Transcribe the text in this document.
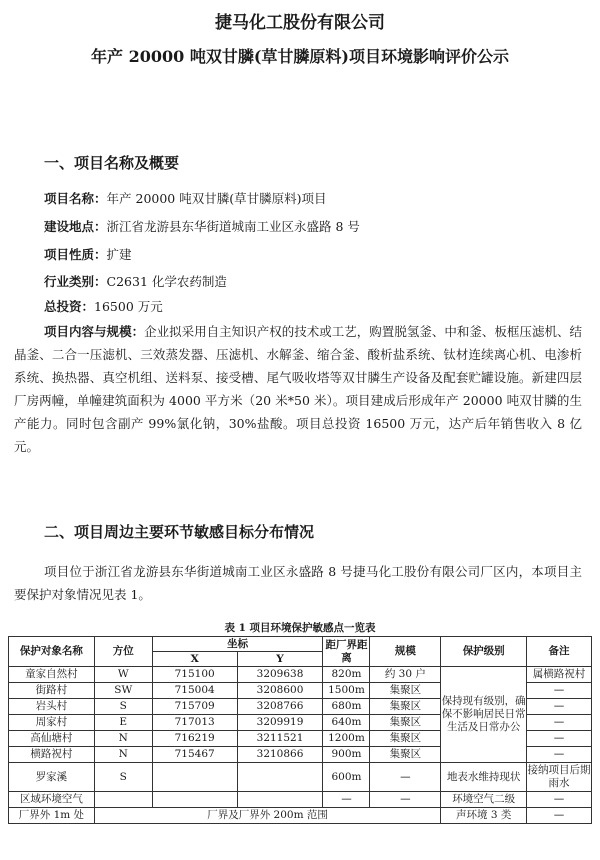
捷马化工股份有限公司
年产 20000 吨双甘膦(草甘膦原料)项目环境影响评价公示
一、项目名称及概要
项目名称：年产 20000 吨双甘膦(草甘膦原料)项目
建设地点：浙江省龙游县东华街道城南工业区永盛路 8 号
项目性质：扩建
行业类别：C2631 化学农药制造
总投资：16500 万元
项目内容与规模：企业拟采用自主知识产权的技术或工艺，购置脱氢釜、中和釜、板框压滤机、结晶釜、二合一压滤机、三效蒸发器、压滤机、水解釜、缩合釜、酸析盐系统、钛材连续离心机、电渗析系统、换热器、真空机组、送料泵、接受槽、尾气吸收塔等双甘膦生产设备及配套贮罐设施。新建四层厂房两幢，单幢建筑面积为 4000 平方米（20 米*50 米）。项目建成后形成年产 20000 吨双甘膦的生产能力。同时包含副产 99%氯化钠，30%盐酸。项目总投资 16500 万元，达产后年销售收入 8 亿元。
二、项目周边主要环节敏感目标分布情况
项目位于浙江省龙游县东华街道城南工业区永盛路 8 号捷马化工股份有限公司厂区内，本项目主要保护对象情况见表 1。
表 1 项目环境保护敏感点一览表
保护对象名称	方位	坐标		距厂界距离	规模	保护级别	备注
		X	Y				
童家自然村	W	715100	3209638	820m	约 30 户	保持现有级别，确保不影响居民日常生活及日常办公	属横路祝村
街路村	SW	715004	3208600	1500m	集聚区		—
岩头村	S	715709	3208766	680m	集聚区		—
周家村	E	717013	3209919	640m	集聚区		—
高仙塘村	N	716219	3211521	1200m	集聚区		—
横路祝村	N	715467	3210866	900m	集聚区		—
罗家溪	S			600m	—	地表水维持现状	接纳项目后期雨水
区域环境空气				—	—	环境空气二级	—
厂界外 1m 处	厂界及厂界外 200m 范围					声环境 3 类	—
